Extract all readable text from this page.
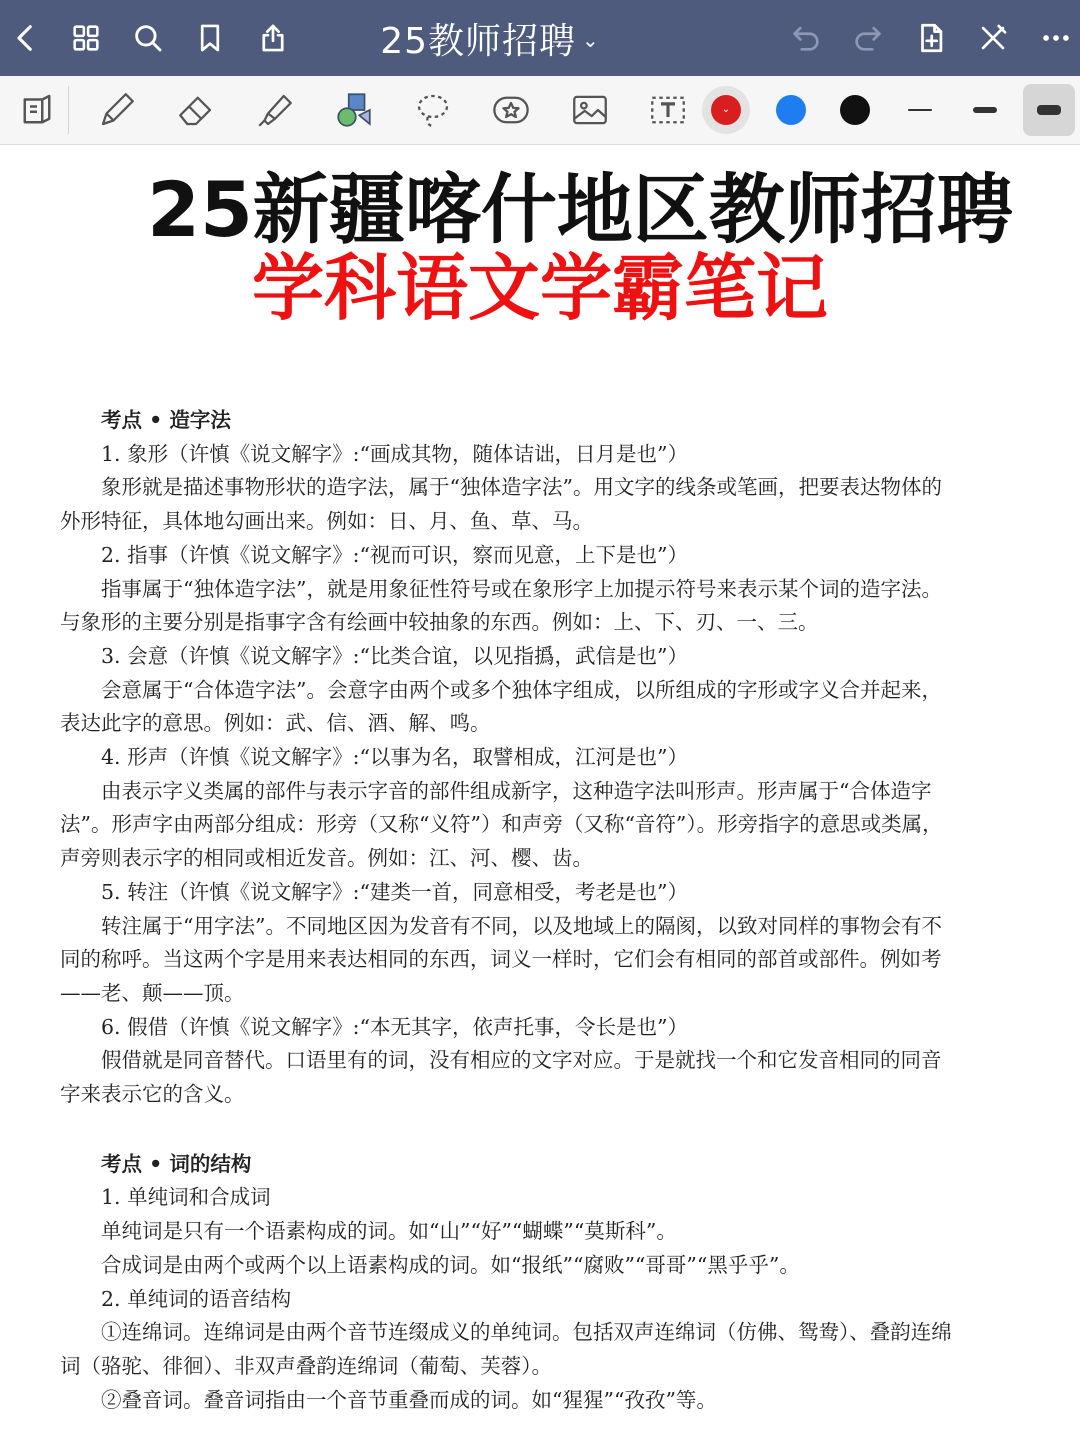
25教师招聘 ⌄
⌄
25新疆喀什地区教师招聘
学科语文学霸笔记

考点 • 造字法

1. 象形（许慎《说文解字》:“画成其物，随体诘诎，日月是也”）

象形就是描述事物形状的造字法，属于“独体造字法”。用文字的线条或笔画，把要表达物体的外形特征，具体地勾画出来。例如：日、月、鱼、草、马。

2. 指事（许慎《说文解字》:“视而可识，察而见意，上下是也”）

指事属于“独体造字法”，就是用象征性符号或在象形字上加提示符号来表示某个词的造字法。与象形的主要分别是指事字含有绘画中较抽象的东西。例如：上、下、刃、一、三。

3. 会意（许慎《说文解字》:“比类合谊，以见指撝，武信是也”）

会意属于“合体造字法”。会意字由两个或多个独体字组成，以所组成的字形或字义合并起来，表达此字的意思。例如：武、信、酒、解、鸣。

4. 形声（许慎《说文解字》:“以事为名，取譬相成，江河是也”）

由表示字义类属的部件与表示字音的部件组成新字，这种造字法叫形声。形声属于“合体造字法”。形声字由两部分组成：形旁（又称“义符”）和声旁（又称“音符”）。形旁指字的意思或类属，声旁则表示字的相同或相近发音。例如：江、河、樱、齿。

5. 转注（许慎《说文解字》:“建类一首，同意相受，考老是也”）

转注属于“用字法”。不同地区因为发音有不同，以及地域上的隔阂，以致对同样的事物会有不同的称呼。当这两个字是用来表达相同的东西，词义一样时，它们会有相同的部首或部件。例如考——老、颠——顶。

6. 假借（许慎《说文解字》:“本无其字，依声托事，令长是也”）

假借就是同音替代。口语里有的词，没有相应的文字对应。于是就找一个和它发音相同的同音字来表示它的含义。

考点 • 词的结构

1. 单纯词和合成词

单纯词是只有一个语素构成的词。如“山”“好”“蝴蝶”“莫斯科”。

合成词是由两个或两个以上语素构成的词。如“报纸”“腐败”“哥哥”“黑乎乎”。

2. 单纯词的语音结构

①连绵词。连绵词是由两个音节连缀成义的单纯词。包括双声连绵词（仿佛、鸳鸯）、叠韵连绵词（骆驼、徘徊）、非双声叠韵连绵词（葡萄、芙蓉）。

②叠音词。叠音词指由一个音节重叠而成的词。如“猩猩”“孜孜”等。
